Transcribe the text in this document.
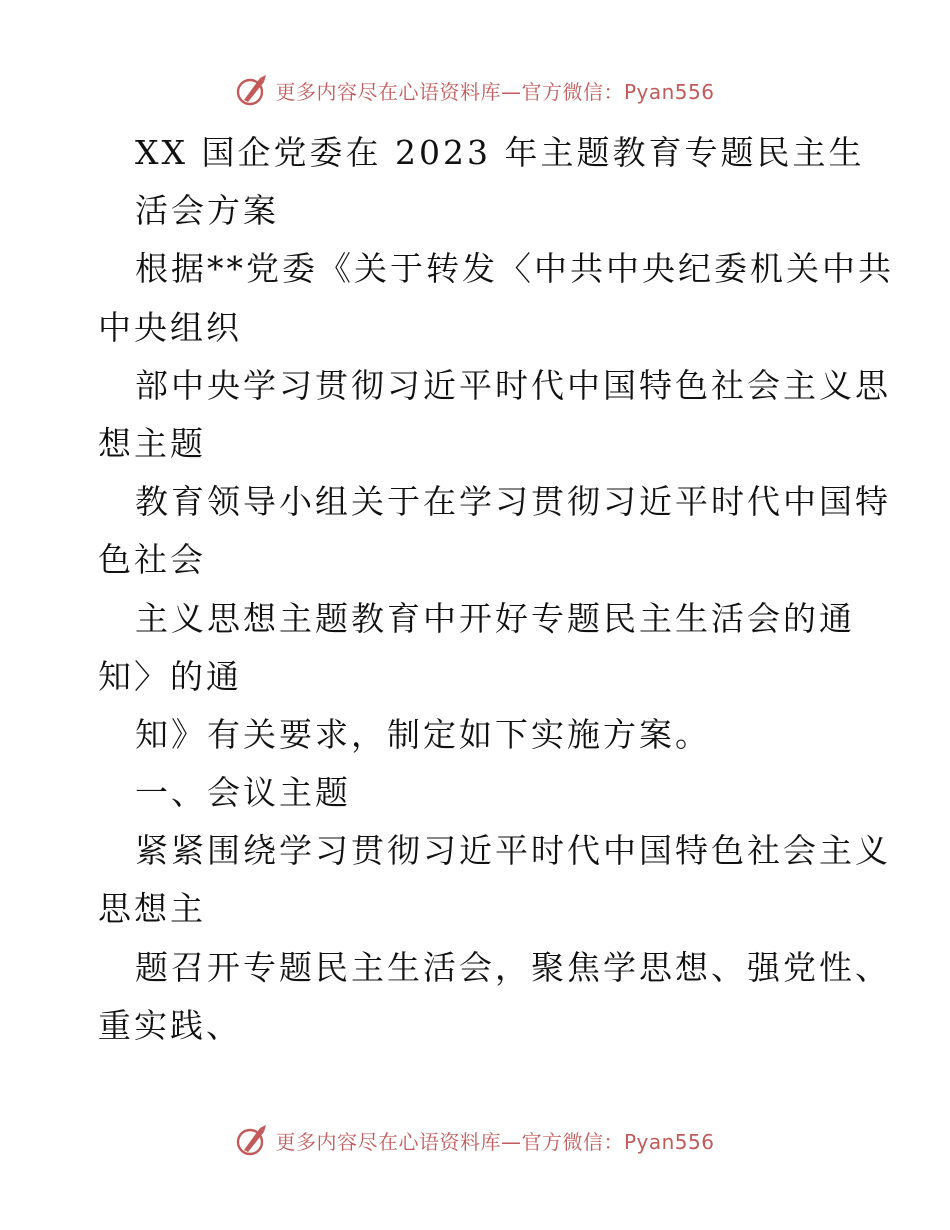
更多内容尽在心语资料库—官方微信：Pyan556
XX 国企党委在 2023 年主题教育专题民主生
活会方案
根据**党委《关于转发〈中共中央纪委机关中共
中央组织
部中央学习贯彻习近平时代中国特色社会主义思
想主题
教育领导小组关于在学习贯彻习近平时代中国特
色社会
主义思想主题教育中开好专题民主生活会的通
知〉的通
知》有关要求，制定如下实施方案。
一、会议主题
紧紧围绕学习贯彻习近平时代中国特色社会主义
思想主
题召开专题民主生活会，聚焦学思想、强党性、
重实践、
更多内容尽在心语资料库—官方微信：Pyan556
